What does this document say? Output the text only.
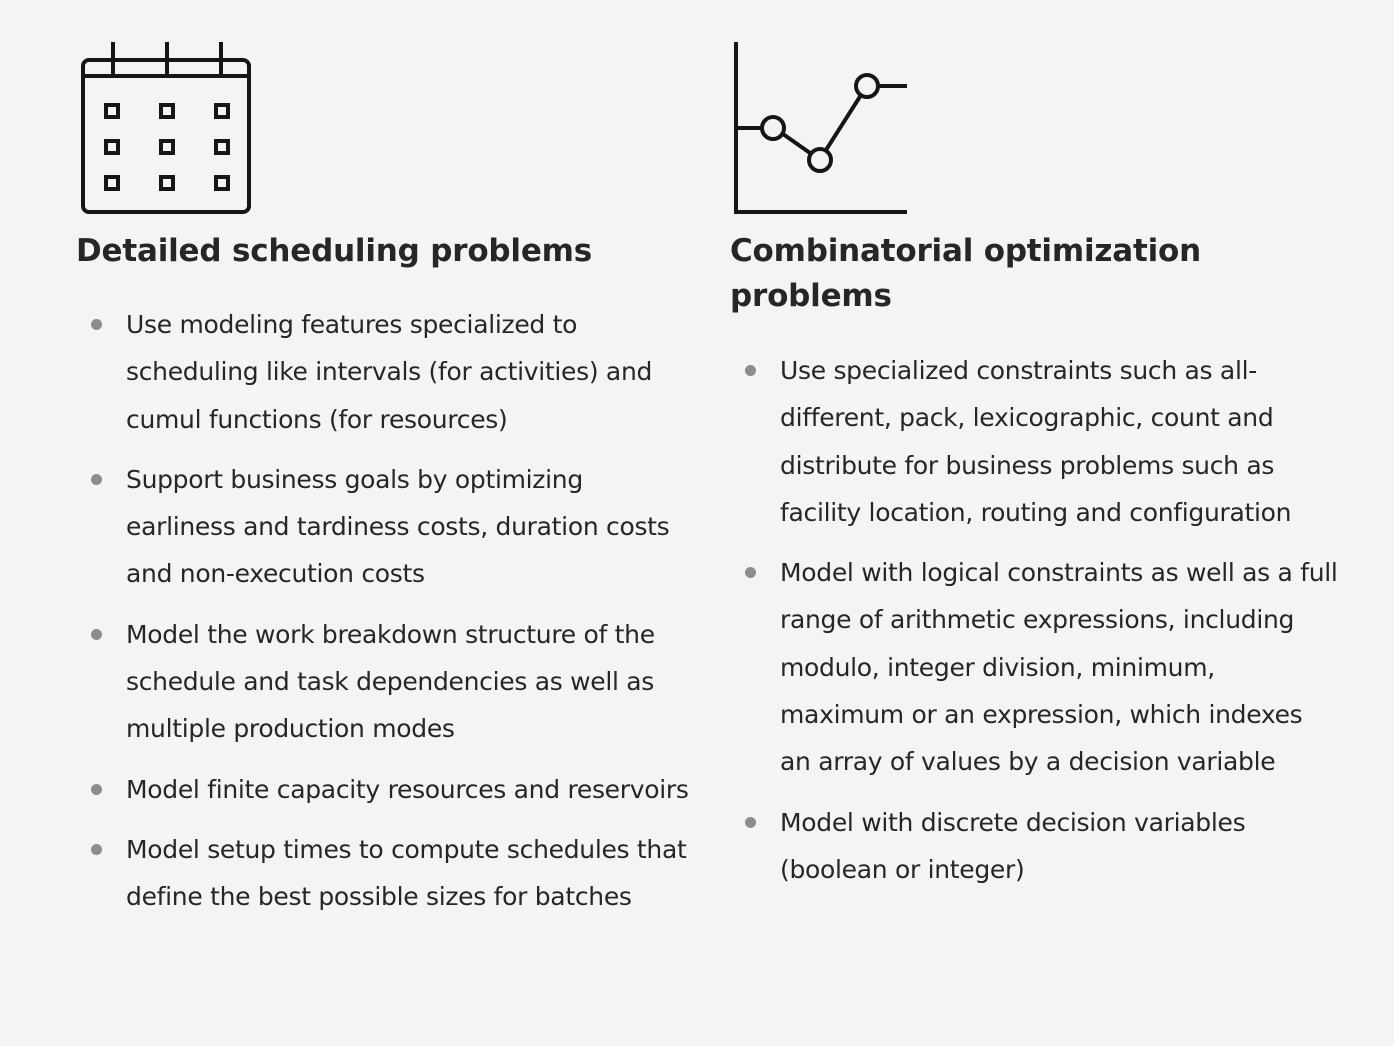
Detailed scheduling problems
Use modeling features specialized to scheduling like intervals (for activities) and cumul functions (for resources)
Support business goals by optimizing earliness and tardiness costs, duration costs and non-execution costs
Model the work breakdown structure of the schedule and task dependencies as well as multiple production modes
Model finite capacity resources and reservoirs
Model setup times to compute schedules that define the best possible sizes for batches
Combinatorial optimization problems
Use specialized constraints such as all-different, pack, lexicographic, count and distribute for business problems such as facility location, routing and configuration
Model with logical constraints as well as a full range of arithmetic expressions, including modulo, integer division, minimum, maximum or an expression, which indexes an array of values by a decision variable
Model with discrete decision variables (boolean or integer)
